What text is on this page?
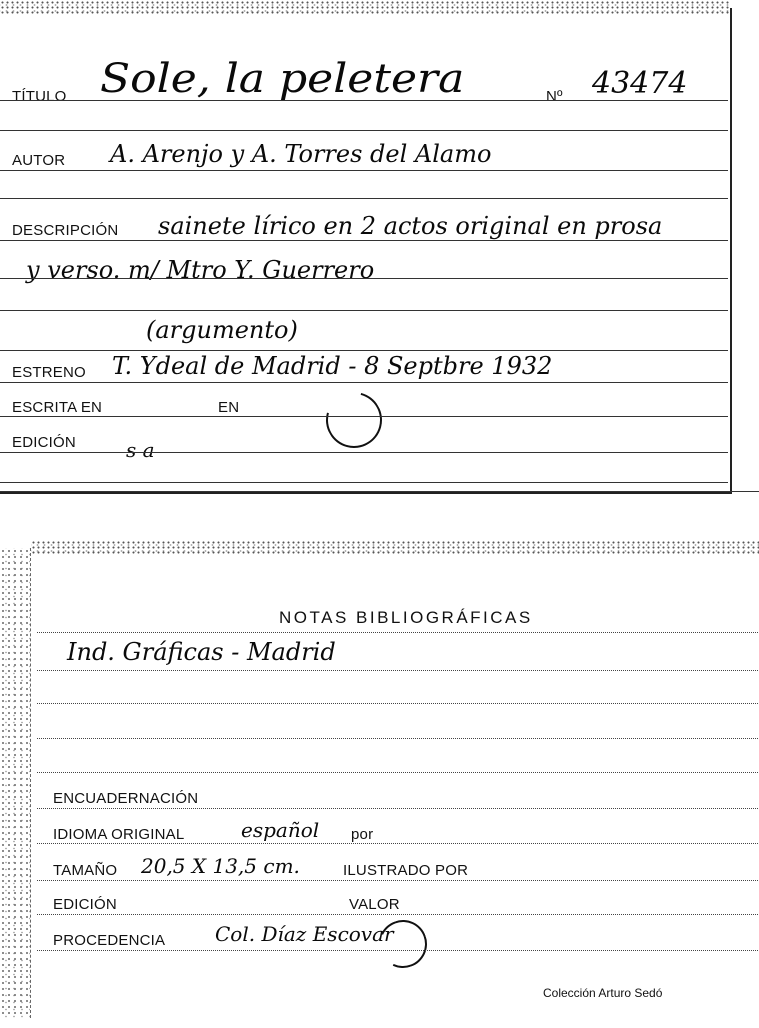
TÍTULO Sole, la peletera	Nº 43474
AUTOR A. Arenjo y A. Torres del Alamo
DESCRIPCIÓN sainete lírico en 2 actos original en prosa
y verso. m/ Mtro Y. Guerrero
(argumento)
ESTRENO T. Ydeal de Madrid - 8 Septbre 1932
ESCRITA EN	EN
EDICIÓN	s a
NOTAS BIBLIOGRÁFICAS
Ind. Gráficas - Madrid
ENCUADERNACIÓN
IDIOMA ORIGINAL	español por
TAMAÑO 20,5 X 13,5 cm.	ILUSTRADO POR
EDICIÓN	VALOR
PROCEDENCIA Col. Díaz Escovar
Colección Arturo Sedó
